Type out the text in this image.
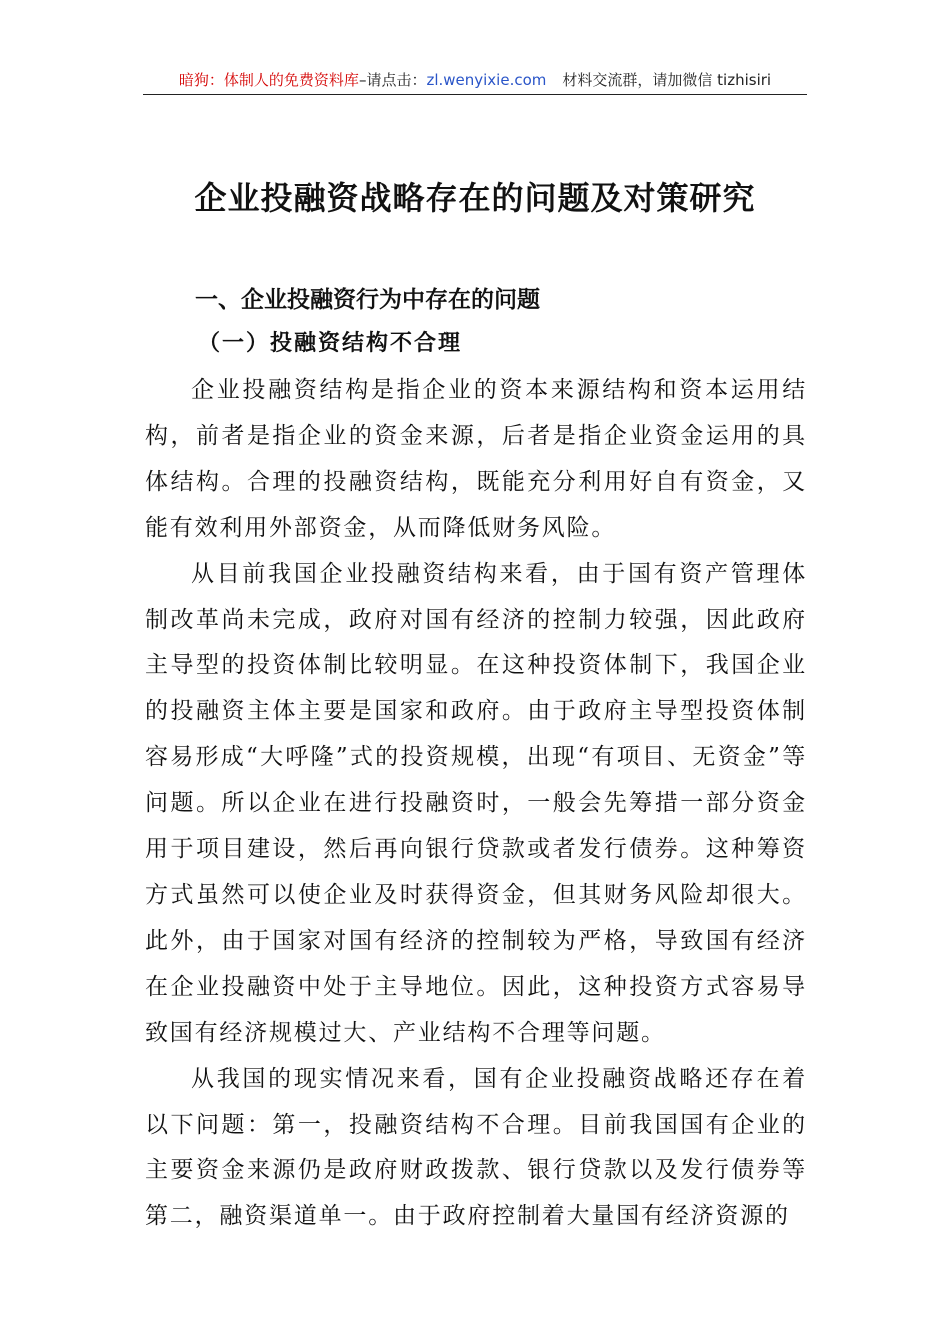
暗狗：体制人的免费资料库–请点击：zl.wenyixie.com 材料交流群，请加微信 tizhisiri
企业投融资战略存在的问题及对策研究
一、企业投融资行为中存在的问题
（一）投融资结构不合理

企业投融资结构是指企业的资本来源结构和资本运用结构，前者是指企业的资金来源，后者是指企业资金运用的具体结构。合理的投融资结构，既能充分利用好自有资金，又能有效利用外部资金，从而降低财务风险。

从目前我国企业投融资结构来看，由于国有资产管理体制改革尚未完成，政府对国有经济的控制力较强，因此政府主导型的投资体制比较明显。在这种投资体制下，我国企业的投融资主体主要是国家和政府。由于政府主导型投资体制容易形成“大呼隆”式的投资规模，出现“有项目、无资金”等问题。所以企业在进行投融资时，一般会先筹措一部分资金用于项目建设，然后再向银行贷款或者发行债券。这种筹资方式虽然可以使企业及时获得资金，但其财务风险却很大。此外，由于国家对国有经济的控制较为严格，导致国有经济在企业投融资中处于主导地位。因此，这种投资方式容易导致国有经济规模过大、产业结构不合理等问题。

从我国的现实情况来看，国有企业投融资战略还存在着以下问题：第一，投融资结构不合理。目前我国国有企业的主要资金来源仍是政府财政拨款、银行贷款以及发行债券等第二，融资渠道单一。由于政府控制着大量国有经济资源的
